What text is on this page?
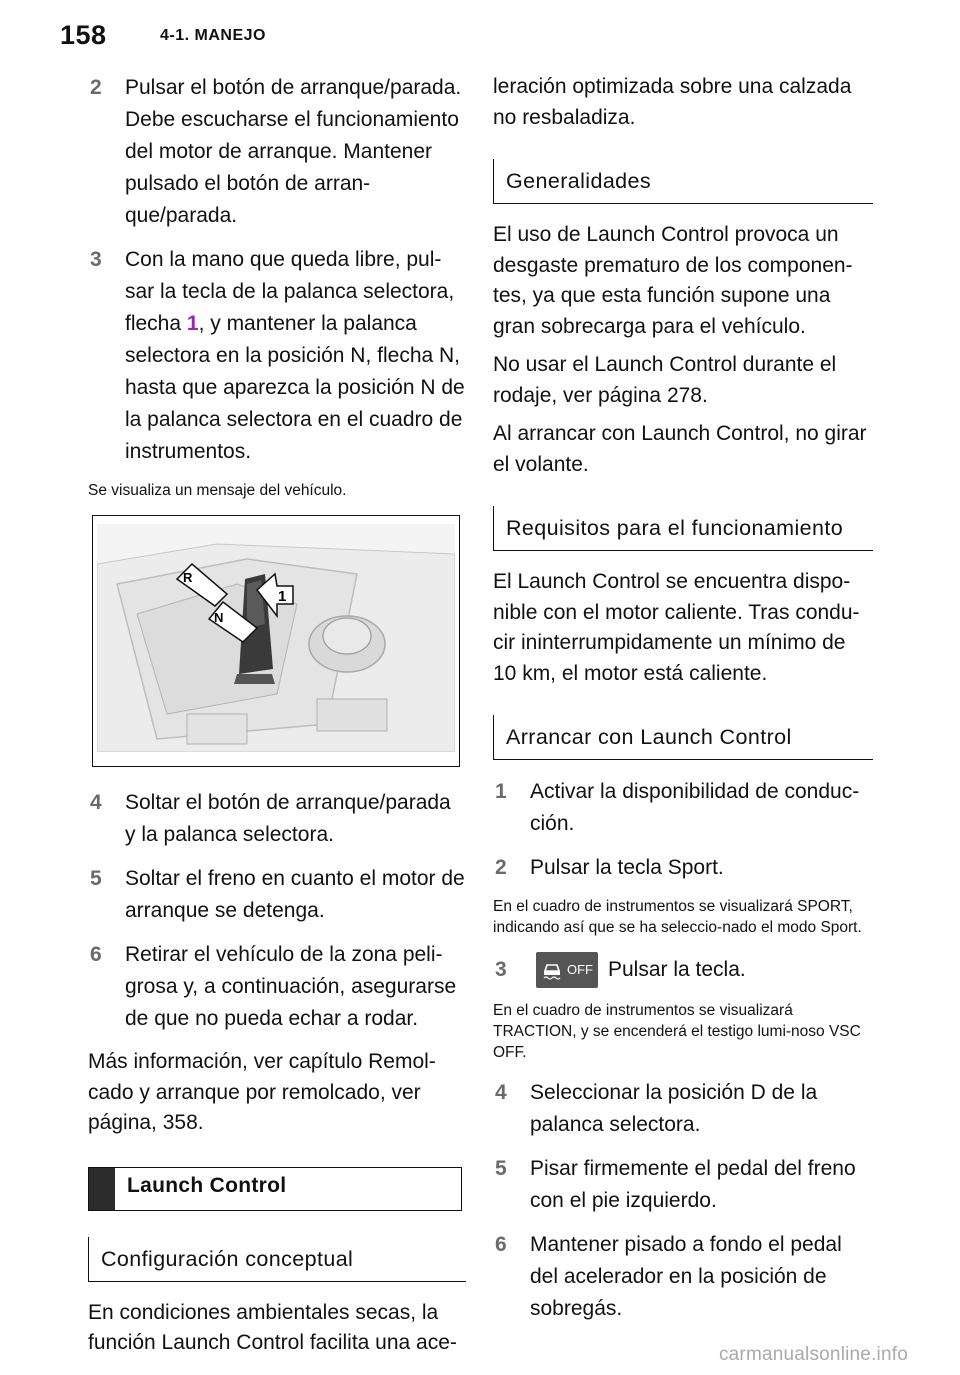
158	4-1. MANEJO
2	Pulsar el botón de arranque/parada. Debe escucharse el funcionamiento del motor de arranque. Mantener pulsado el botón de arran-que/parada.
3	Con la mano que queda libre, pul-sar la tecla de la palanca selectora, flecha 1, y mantener la palanca selectora en la posición N, flecha N, hasta que aparezca la posición N de la palanca selectora en el cuadro de instrumentos.
Se visualiza un mensaje del vehículo.
R
N
1
4	Soltar el botón de arranque/parada y la palanca selectora.
5	Soltar el freno en cuanto el motor de arranque se detenga.
6	Retirar el vehículo de la zona peli-grosa y, a continuación, asegurarse de que no pueda echar a rodar.
Más información, ver capítulo Remol-cado y arranque por remolcado, ver página, 358.
Launch Control
Configuración conceptual
En condiciones ambientales secas, la función Launch Control facilita una ace-
leración optimizada sobre una calzada no resbaladiza.
Generalidades
El uso de Launch Control provoca un desgaste prematuro de los componen-tes, ya que esta función supone una gran sobrecarga para el vehículo.
No usar el Launch Control durante el rodaje, ver página 278.
Al arrancar con Launch Control, no girar el volante.
Requisitos para el funcionamiento
El Launch Control se encuentra dispo-nible con el motor caliente. Tras condu-cir ininterrumpidamente un mínimo de 10 km, el motor está caliente.
Arrancar con Launch Control
1	Activar la disponibilidad de conduc-ción.
2	Pulsar la tecla Sport.
En el cuadro de instrumentos se visualizará SPORT, indicando así que se ha seleccio-nado el modo Sport.
3	OFF Pulsar la tecla.
En el cuadro de instrumentos se visualizará TRACTION, y se encenderá el testigo lumi-noso VSC OFF.
4	Seleccionar la posición D de la palanca selectora.
5	Pisar firmemente el pedal del freno con el pie izquierdo.
6	Mantener pisado a fondo el pedal del acelerador en la posición de sobregás.
carmanualsonline.info
